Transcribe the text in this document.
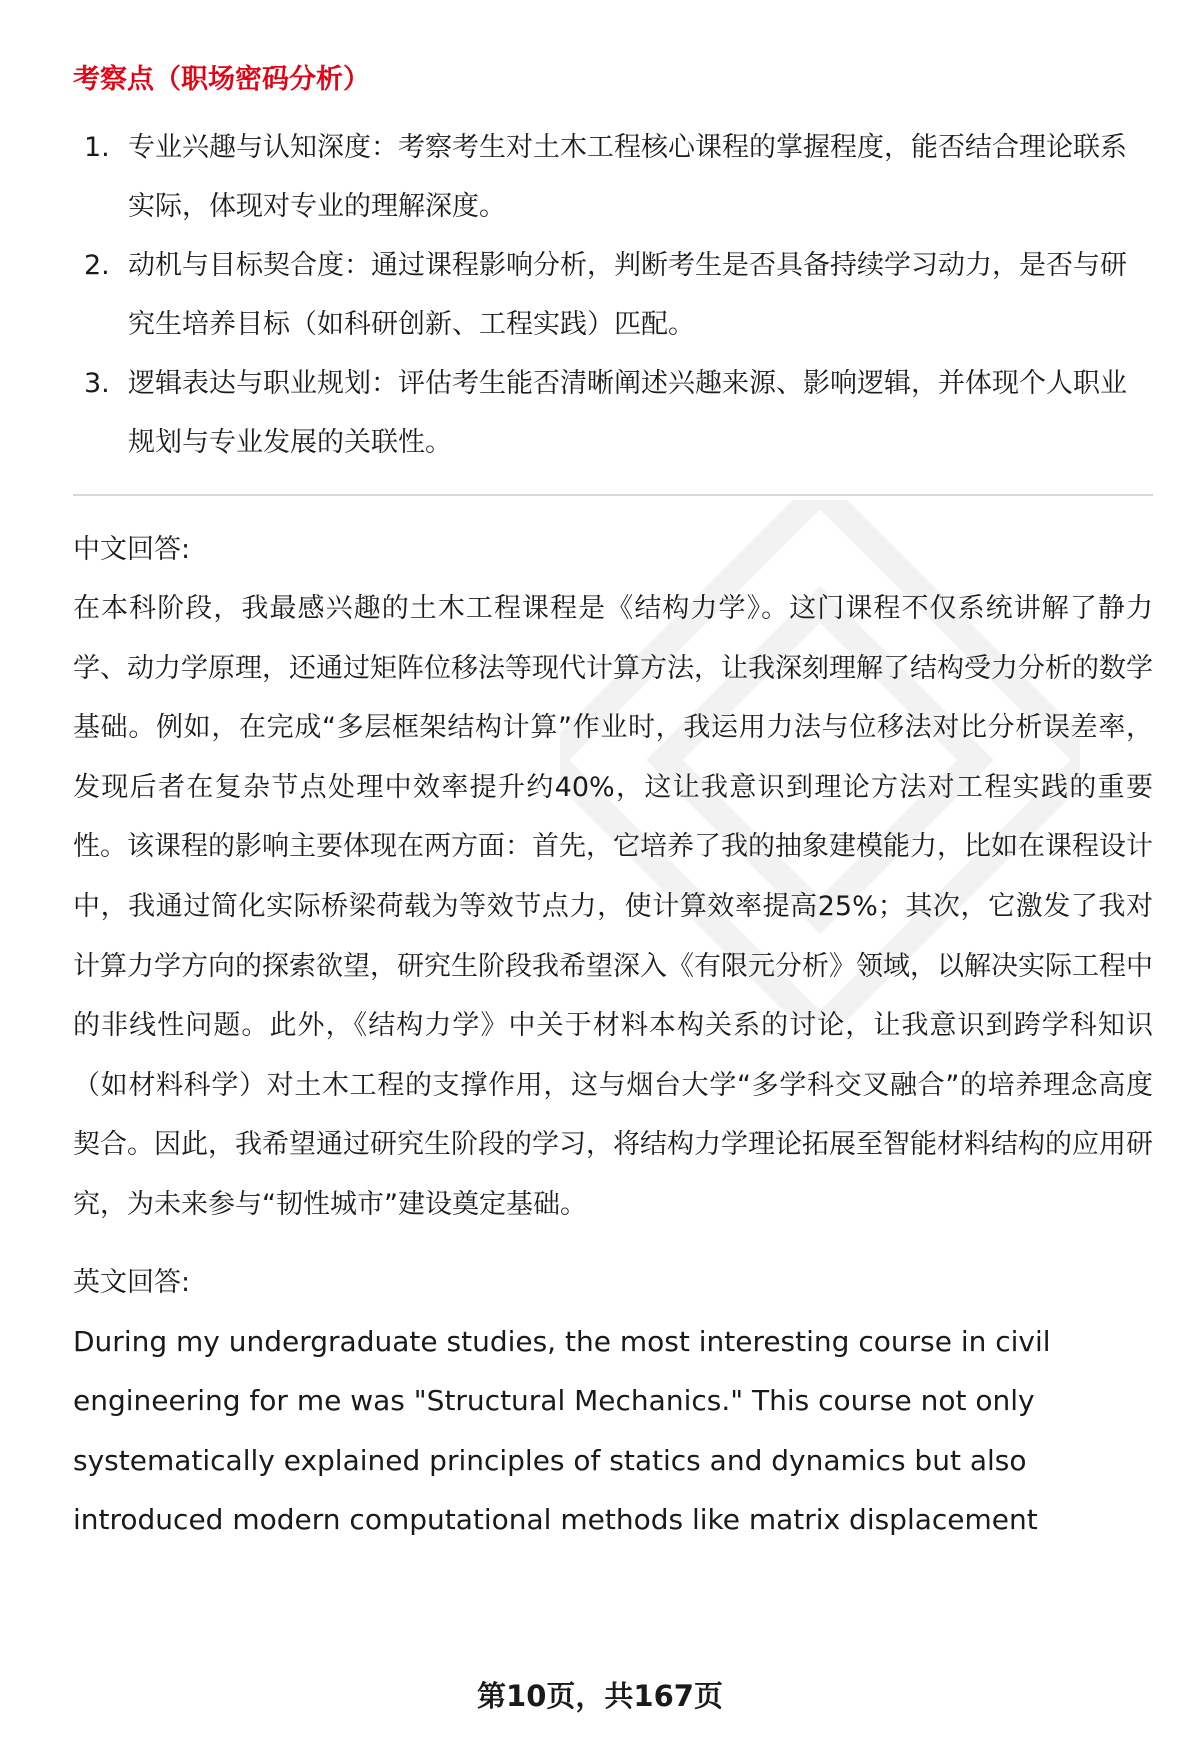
考察点（职场密码分析）
1. 专业兴趣与认知深度：考察考生对土木工程核心课程的掌握程度，能否结合理论联系实际，体现对专业的理解深度。
2. 动机与目标契合度：通过课程影响分析，判断考生是否具备持续学习动力，是否与研究生培养目标（如科研创新、工程实践）匹配。
3. 逻辑表达与职业规划：评估考生能否清晰阐述兴趣来源、影响逻辑，并体现个人职业规划与专业发展的关联性。

中文回答:

在本科阶段，我最感兴趣的土木工程课程是《结构力学》。这门课程不仅系统讲解了静力学、动力学原理，还通过矩阵位移法等现代计算方法，让我深刻理解了结构受力分析的数学基础。例如，在完成“多层框架结构计算”作业时，我运用力法与位移法对比分析误差率，发现后者在复杂节点处理中效率提升约40%，这让我意识到理论方法对工程实践的重要性。该课程的影响主要体现在两方面：首先，它培养了我的抽象建模能力，比如在课程设计中，我通过简化实际桥梁荷载为等效节点力，使计算效率提高25%；其次，它激发了我对计算力学方向的探索欲望，研究生阶段我希望深入《有限元分析》领域，以解决实际工程中的非线性问题。此外，《结构力学》中关于材料本构关系的讨论，让我意识到跨学科知识（如材料科学）对土木工程的支撑作用，这与烟台大学“多学科交叉融合”的培养理念高度契合。因此，我希望通过研究生阶段的学习，将结构力学理论拓展至智能材料结构的应用研究，为未来参与“韧性城市”建设奠定基础。

英文回答:

During my undergraduate studies, the most interesting course in civil

engineering for me was "Structural Mechanics." This course not only

systematically explained principles of statics and dynamics but also

introduced modern computational methods like matrix displacement

第10页，共167页
